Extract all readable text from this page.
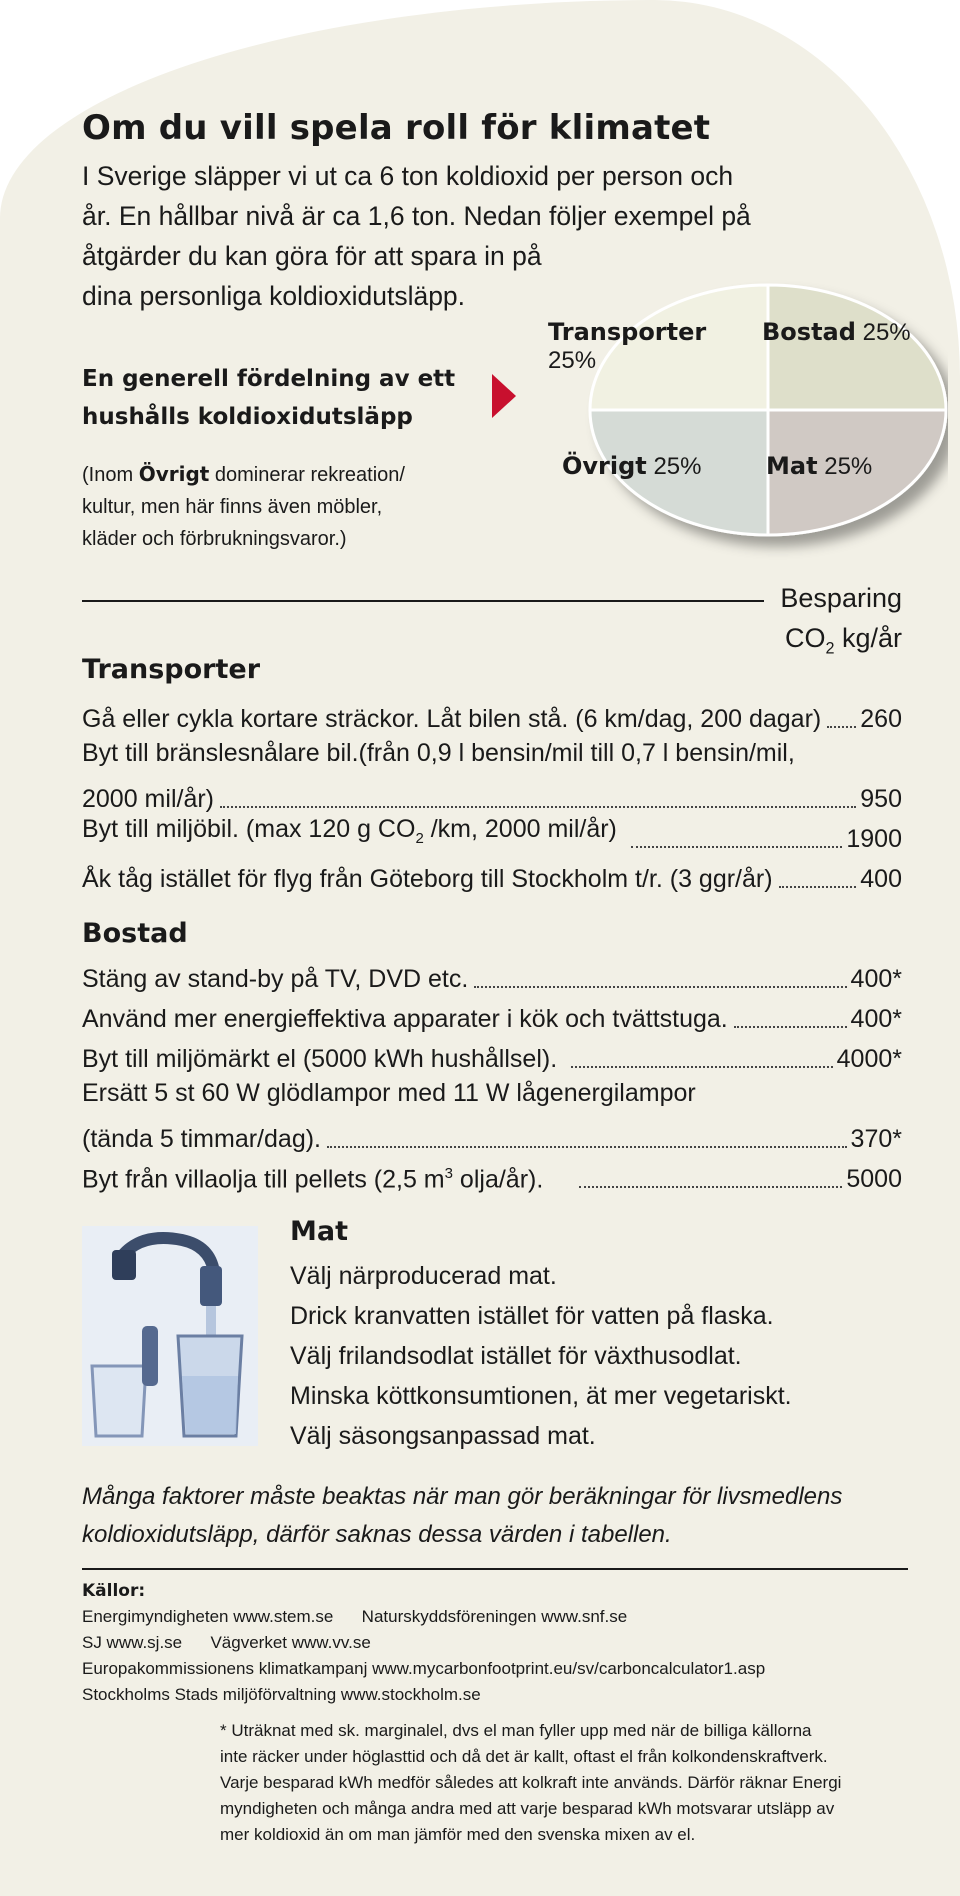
Om du vill spela roll för klimatet
I Sverige släpper vi ut ca 6 ton koldioxid per person och
år. En hållbar nivå är ca 1,6 ton. Nedan följer exempel på
åtgärder du kan göra för att spara in på
dina personliga koldioxidutsläpp.
En generell fördelning av ett
hushålls koldioxidutsläpp
(Inom Övrigt dominerar rekreation/
kultur, men här finns även möbler,
kläder och förbrukningsvaror.)
Transporter
25%
Bostad 25%
Övrigt 25%	Mat 25%
Besparing
$CO_2$ kg/år
Transporter
Gå eller cykla kortare sträckor. Låt bilen stå. (6 km/dag, 200 dagar) 260
Byt till bränslesnålare bil.(från 0,9 l bensin/mil till 0,7 l bensin/mil,
2000 mil/år)	950
Byt till miljöbil. (max 120 g $CO_2$ /km, 2000 mil/år)	1900
Åk tåg istället för flyg från Göteborg till Stockholm t/r. (3 ggr/år)	400
Bostad
Stäng av stand-by på TV, DVD etc.	400*
Använd mer energieffektiva apparater i kök och tvättstuga.	400*
Byt till miljömärkt el (5000 kWh hushållsel).	4000*
Ersätt 5 st 60 W glödlampor med 11 W lågenergilampor
(tända 5 timmar/dag).	370*
Byt från villaolja till pellets (2,5 $m^3$ olja/år).	5000
Mat
Välj närproducerad mat.
Drick kranvatten istället för vatten på flaska.
Välj frilandsodlat istället för växthusodlat.
Minska köttkonsumtionen, ät mer vegetariskt.
Välj säsongsanpassad mat.
Många faktorer måste beaktas när man gör beräkningar för livsmedlens
koldioxidutsläpp, därför saknas dessa värden i tabellen.
Källor:
Energimyndigheten www.stem.se      Naturskyddsföreningen www.snf.se
SJ www.sj.se      Vägverket www.vv.se
Europakommissionens klimatkampanj www.mycarbonfootprint.eu/sv/carboncalculator1.asp
Stockholms Stads miljöförvaltning www.stockholm.se
* Uträknat med sk. marginalel, dvs el man fyller upp med när de billiga källorna
inte räcker under höglasttid och då det är kallt, oftast el från kolkondenskraftverk.
Varje besparad kWh medför således att kolkraft inte används. Därför räknar Energi
myndigheten och många andra med att varje besparad kWh motsvarar utsläpp av
mer koldioxid än om man jämför med den svenska mixen av el.
